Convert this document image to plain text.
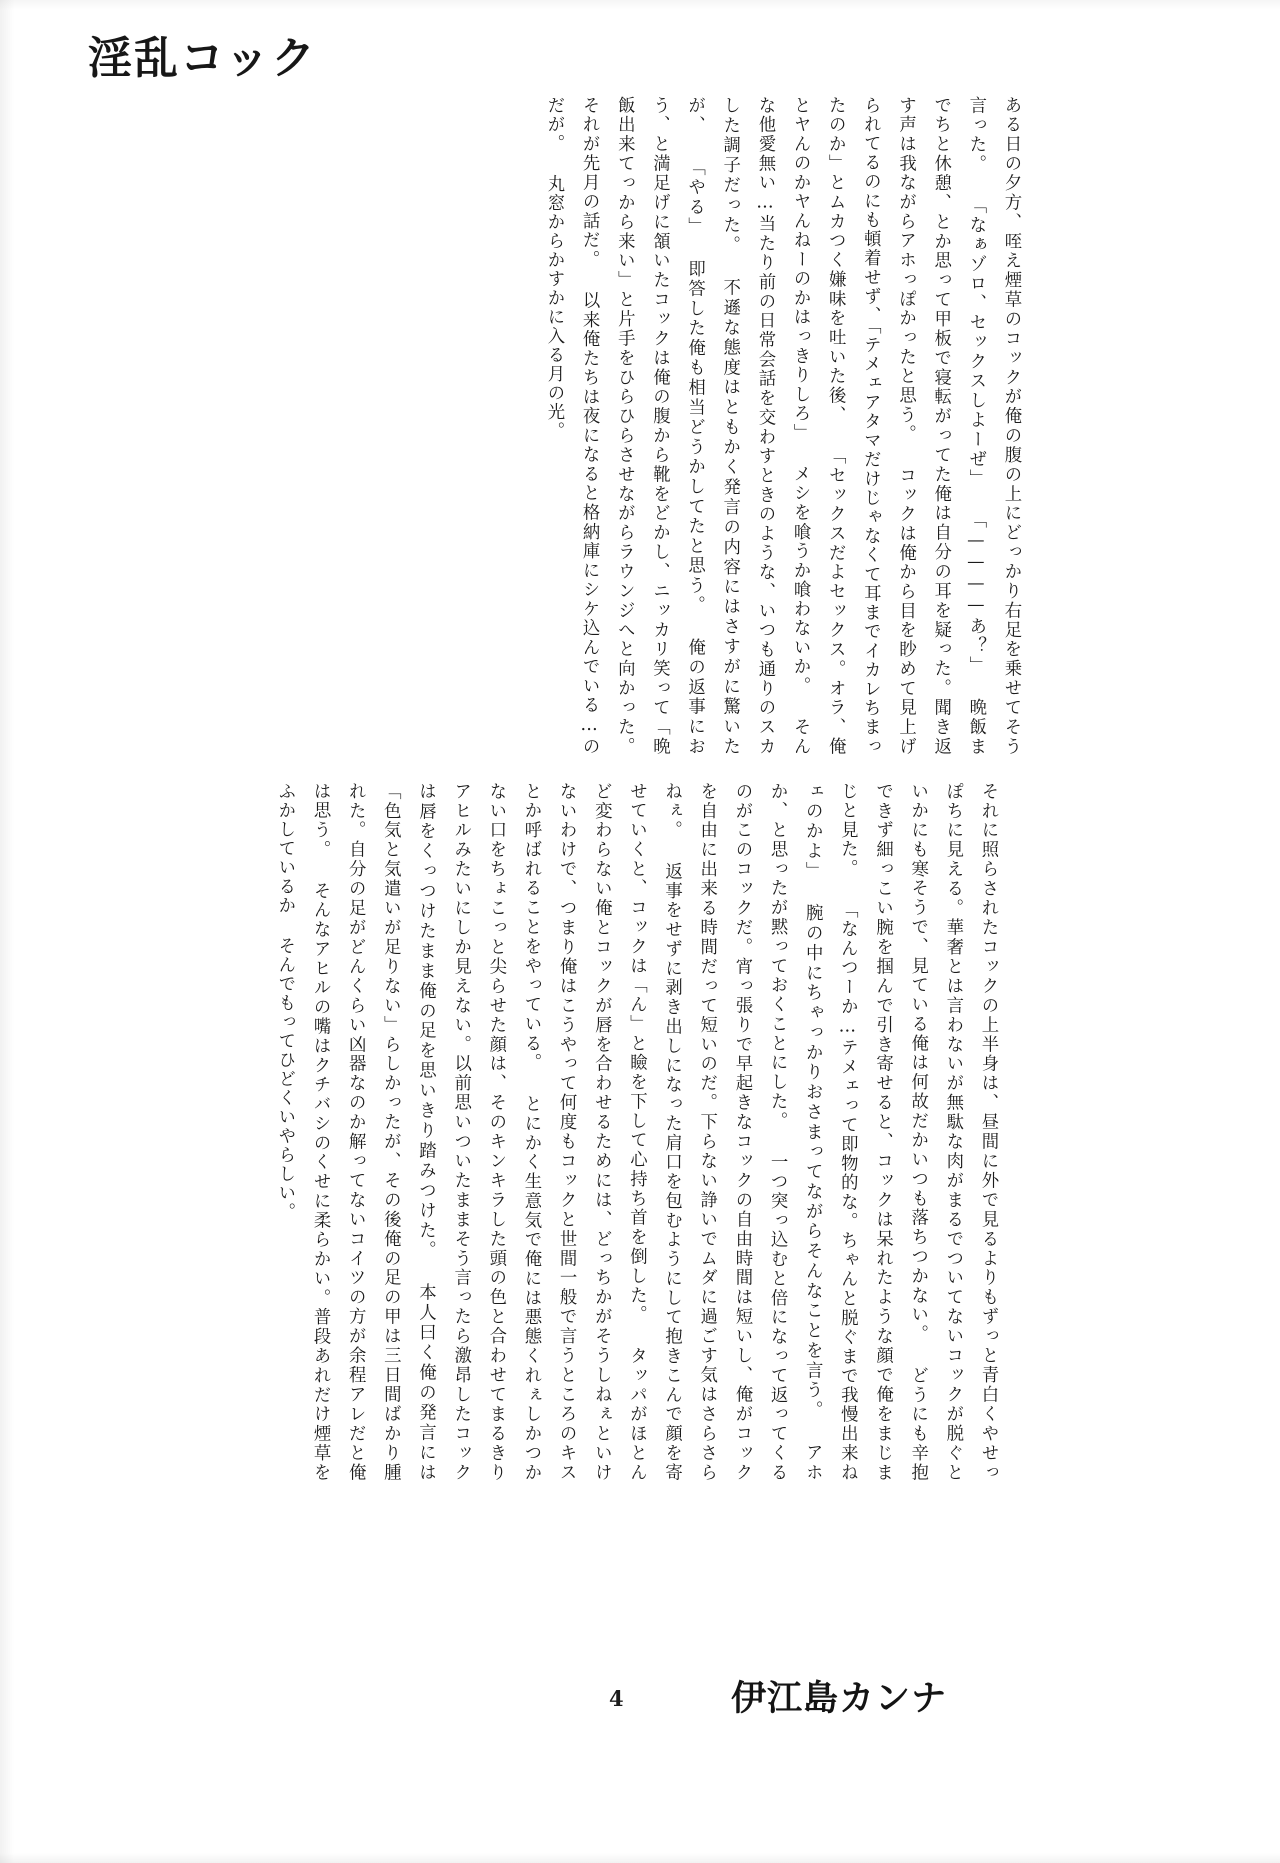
淫乱コック

ある日の夕方、咥え煙草のコックが俺の腹の上にどっかり右足を乗せてそう言った。 「なぁゾロ、セックスしよーぜ」 「————あ？」 晩飯までちと休憩、とか思って甲板で寝転がってた俺は自分の耳を疑った。聞き返す声は我ながらアホっぽかったと思う。 コックは俺から目を眇めて見上げられてるのにも頓着せず、「テメェアタマだけじゃなくて耳までイカレちまったのか」とムカつく嫌味を吐いた後、 「セックスだよセックス。オラ、俺とヤんのかヤんねーのかはっきりしろ」 メシを喰うか喰わないか。 そんな他愛無い…当たり前の日常会話を交わすときのような、いつも通りのスカした調子だった。 不遜な態度はともかく発言の内容にはさすがに驚いたが、 「やる」 即答した俺も相当どうかしてたと思う。 俺の返事におう、と満足げに頷いたコックは俺の腹から靴をどかし、ニッカリ笑って「晩飯出来てっから来い」と片手をひらひらさせながらラウンジへと向かった。 それが先月の話だ。 以来俺たちは夜になると格納庫にシケ込んでいる…のだが。 丸窓からかすかに入る月の光。

それに照らされたコックの上半身は、昼間に外で見るよりもずっと青白くやせっぽちに見える。華奢とは言わないが無駄な肉がまるでついてないコックが脱ぐといかにも寒そうで、見ている俺は何故だかいつも落ちつかない。 どうにも辛抱できず細っこい腕を掴んで引き寄せると、コックは呆れたような顔で俺をまじまじと見た。 「なんつーか…テメェって即物的な。ちゃんと脱ぐまで我慢出来ねェのかよ」 腕の中にちゃっかりおさまってながらそんなことを言う。 アホか、と思ったが黙っておくことにした。 一つ突っ込むと倍になって返ってくるのがこのコックだ。宵っ張りで早起きなコックの自由時間は短いし、俺がコックを自由に出来る時間だって短いのだ。下らない諍いでムダに過ごす気はさらさらねぇ。 返事をせずに剥き出しになった肩口を包むようにして抱きこんで顔を寄せていくと、コックは「ん」と瞼を下して心持ち首を倒した。 タッパがほとんど変わらない俺とコックが唇を合わせるためには、どっちかがそうしねぇといけないわけで、つまり俺はこうやって何度もコックと世間一般で言うところのキスとか呼ばれることをやっている。 とにかく生意気で俺には悪態くれぇしかつかない口をちょこっと尖らせた顔は、そのキンキラした頭の色と合わせてまるきりアヒルみたいにしか見えない。以前思いついたままそう言ったら激昂したコックは唇をくっつけたまま俺の足を思いきり踏みつけた。 本人曰く俺の発言には「色気と気遣いが足りない」らしかったが、その後俺の足の甲は三日間ばかり腫れた。自分の足がどんくらい凶器なのか解ってないコイツの方が余程アレだと俺は思う。 そんなアヒルの嘴はクチバシのくせに柔らかい。普段あれだけ煙草をふかしているか そんでもってひどくいやらしい。

4	伊江島カンナ
